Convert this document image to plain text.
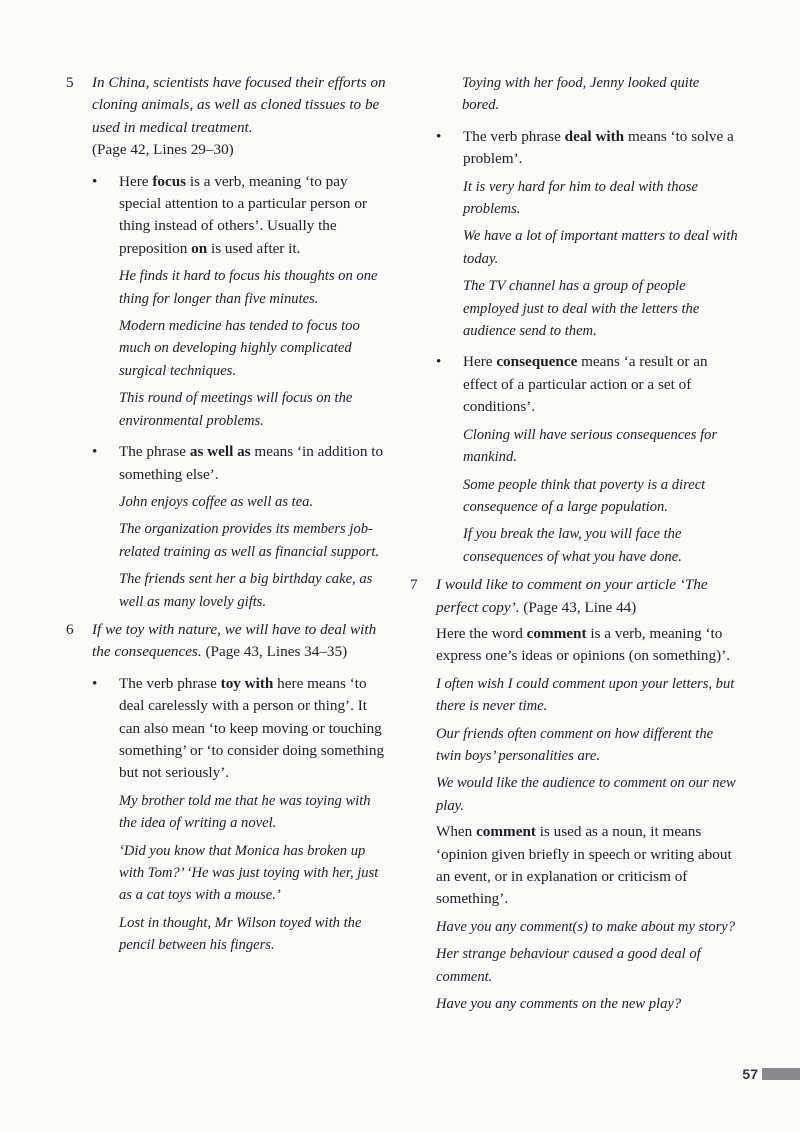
5 In China, scientists have focused their efforts on cloning animals, as well as cloned tissues to be used in medical treatment.
(Page 42, Lines 29–30)
• Here focus is a verb, meaning ‘to pay special attention to a particular person or thing instead of others’. Usually the preposition on is used after it.
He finds it hard to focus his thoughts on one thing for longer than five minutes.
Modern medicine has tended to focus too much on developing highly complicated surgical techniques.
This round of meetings will focus on the environmental problems.
• The phrase as well as means ‘in addition to something else’.
John enjoys coffee as well as tea.
The organization provides its members job-related training as well as financial support.
The friends sent her a big birthday cake, as well as many lovely gifts.
6 If we toy with nature, we will have to deal with the consequences. (Page 43, Lines 34–35)
• The verb phrase toy with here means ‘to deal carelessly with a person or thing’. It can also mean ‘to keep moving or touching something’ or ‘to consider doing something but not seriously’.
My brother told me that he was toying with the idea of writing a novel.
‘Did you know that Monica has broken up with Tom?’ ‘He was just toying with her, just as a cat toys with a mouse.’
Lost in thought, Mr Wilson toyed with the pencil between his fingers.
Toying with her food, Jenny looked quite bored.
• The verb phrase deal with means ‘to solve a problem’.
It is very hard for him to deal with those problems.
We have a lot of important matters to deal with today.
The TV channel has a group of people employed just to deal with the letters the audience send to them.
• Here consequence means ‘a result or an effect of a particular action or a set of conditions’.
Cloning will have serious consequences for mankind.
Some people think that poverty is a direct consequence of a large population.
If you break the law, you will face the consequences of what you have done.
7 I would like to comment on your article ‘The perfect copy’. (Page 43, Line 44)
Here the word comment is a verb, meaning ‘to express one’s ideas or opinions (on something)’.
I often wish I could comment upon your letters, but there is never time.
Our friends often comment on how different the twin boys’ personalities are.
We would like the audience to comment on our new play.
When comment is used as a noun, it means ‘opinion given briefly in speech or writing about an event, or in explanation or criticism of something’.
Have you any comment(s) to make about my story?
Her strange behaviour caused a good deal of comment.
Have you any comments on the new play?
57
